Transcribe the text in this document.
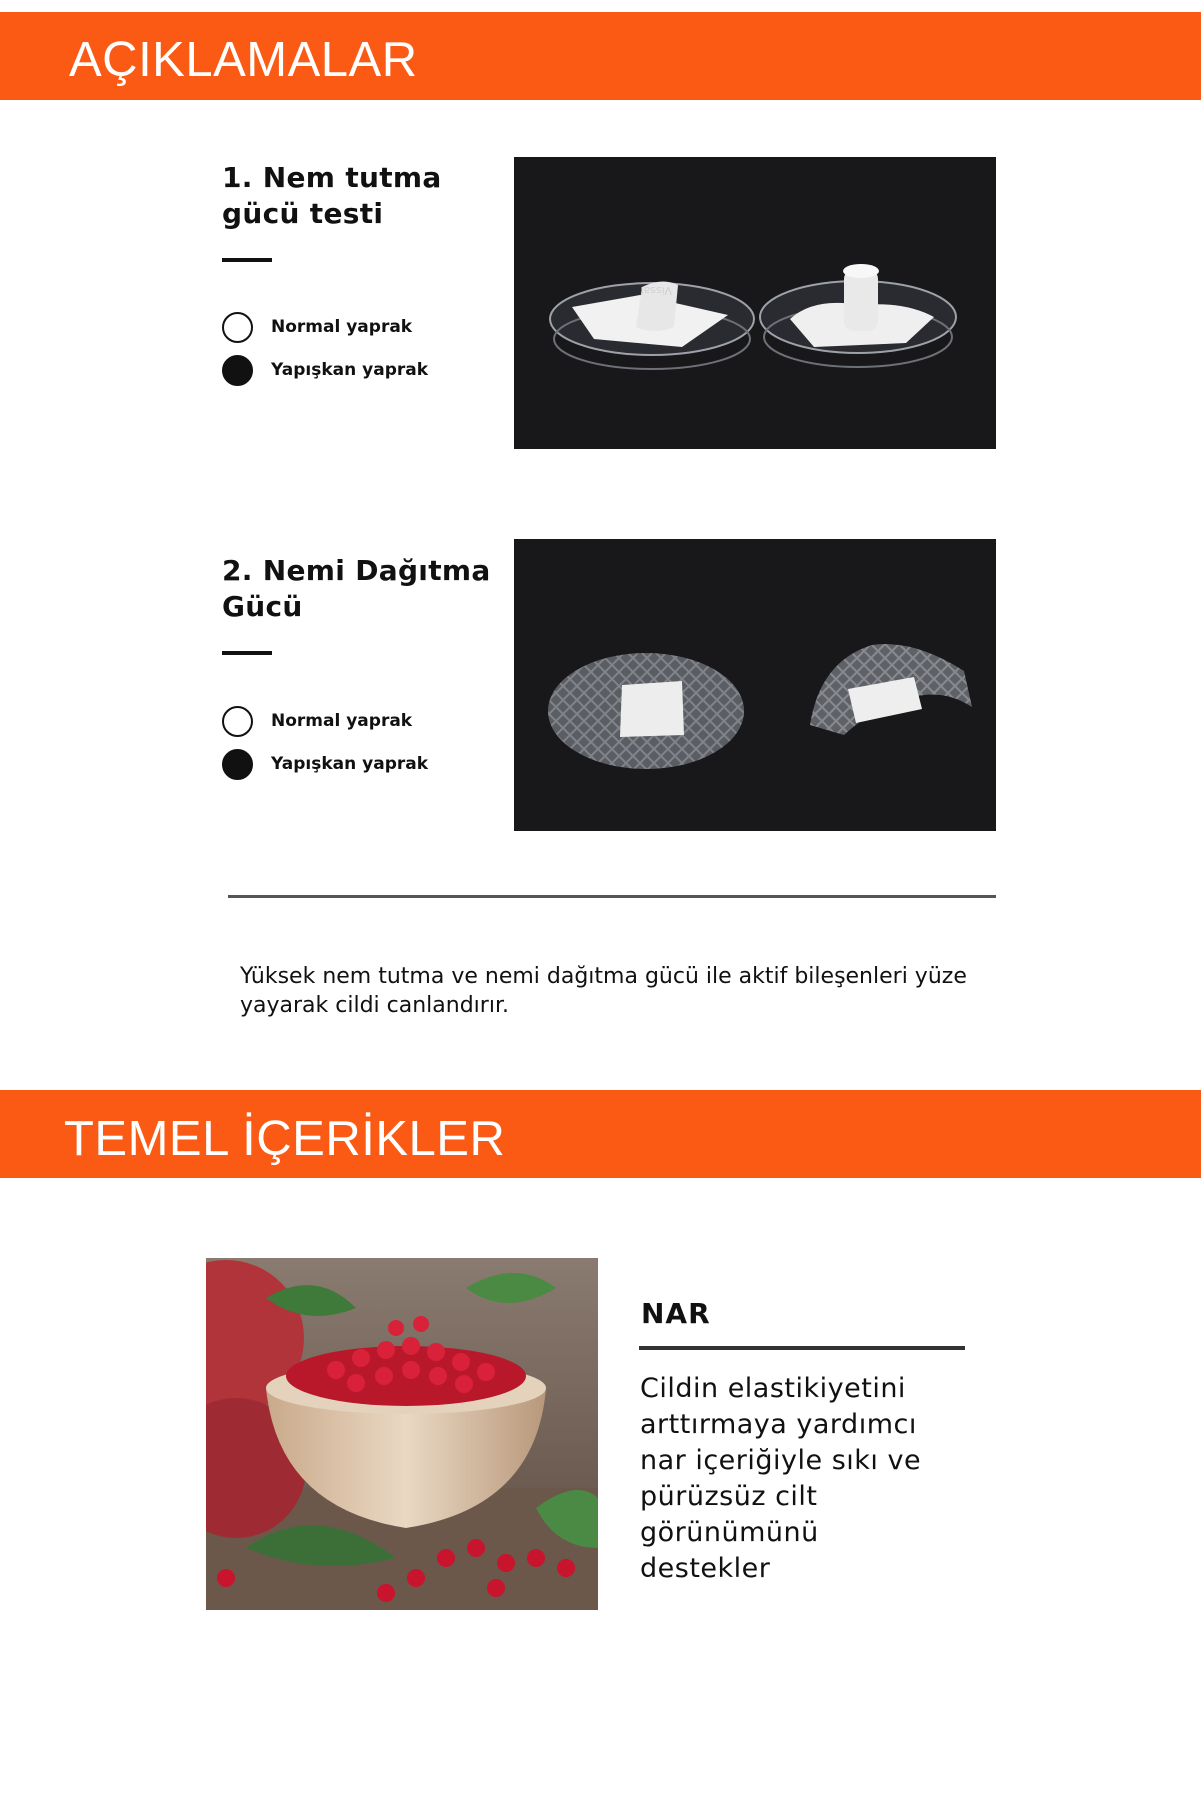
AÇIKLAMALAR
1. Nem tutma
gücü testi
Normal yaprak
Yapışkan yaprak
Vissal
2. Nemi Dağıtma
Gücü
Normal yaprak
Yapışkan yaprak
Yüksek nem tutma ve nemi dağıtma gücü ile aktif bileşenleri yüze yayarak cildi canlandırır.
TEMEL İÇERİKLER
NAR
Cildin elastikiyetini
arttırmaya yardımcı
nar içeriğiyle sıkı ve
pürüzsüz cilt
görünümünü
destekler
